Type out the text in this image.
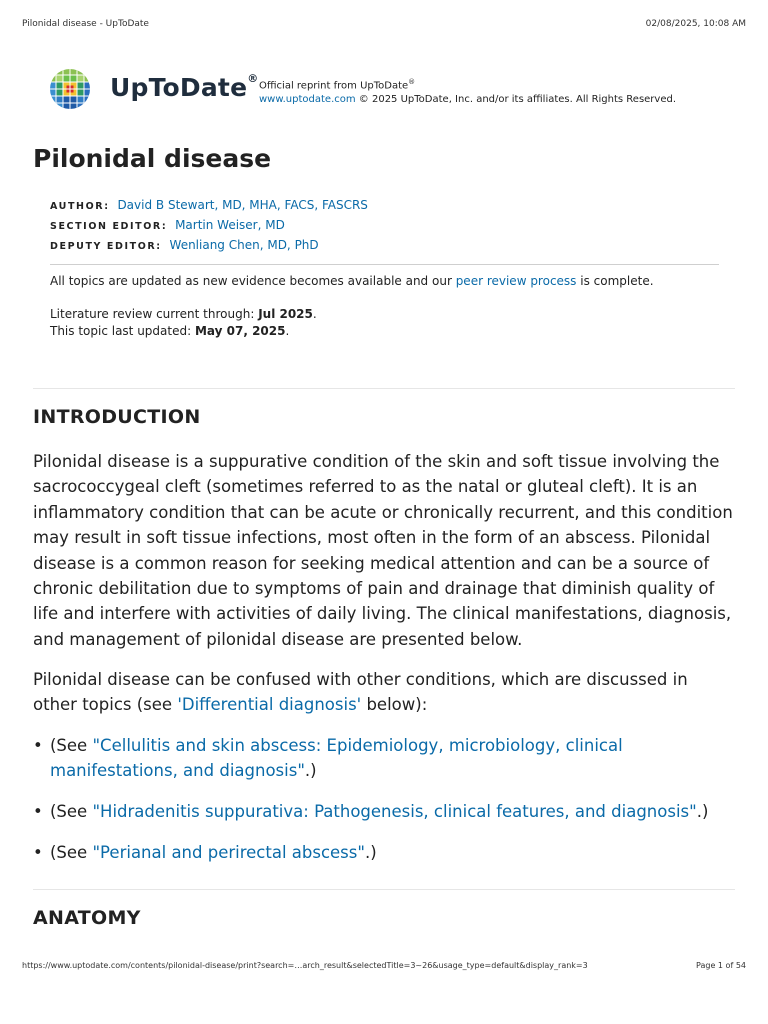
Pilonidal disease - UpToDate	02/08/2025, 10:08 AM
UpToDate®
Official reprint from UpToDate®
www.uptodate.com © 2025 UpToDate, Inc. and/or its affiliates. All Rights Reserved.
Pilonidal disease
AUTHOR: David B Stewart, MD, MHA, FACS, FASCRS
SECTION EDITOR: Martin Weiser, MD
DEPUTY EDITOR: Wenliang Chen, MD, PhD
All topics are updated as new evidence becomes available and our peer review process is complete.
Literature review current through: Jul 2025.
This topic last updated: May 07, 2025.
INTRODUCTION

Pilonidal disease is a suppurative condition of the skin and soft tissue involving the sacrococcygeal cleft (sometimes referred to as the natal or gluteal cleft). It is an inflammatory condition that can be acute or chronically recurrent, and this condition may result in soft tissue infections, most often in the form of an abscess. Pilonidal disease is a common reason for seeking medical attention and can be a source of chronic debilitation due to symptoms of pain and drainage that diminish quality of life and interfere with activities of daily living. The clinical manifestations, diagnosis, and management of pilonidal disease are presented below.

Pilonidal disease can be confused with other conditions, which are discussed in other topics (see 'Differential diagnosis' below):

• (See "Cellulitis and skin abscess: Epidemiology, microbiology, clinical manifestations, and diagnosis".)
• (See "Hidradenitis suppurativa: Pathogenesis, clinical features, and diagnosis".)
• (See "Perianal and perirectal abscess".)
ANATOMY
https://www.uptodate.com/contents/pilonidal-disease/print?search=…arch_result&selectedTitle=3~26&usage_type=default&display_rank=3	Page 1 of 54
